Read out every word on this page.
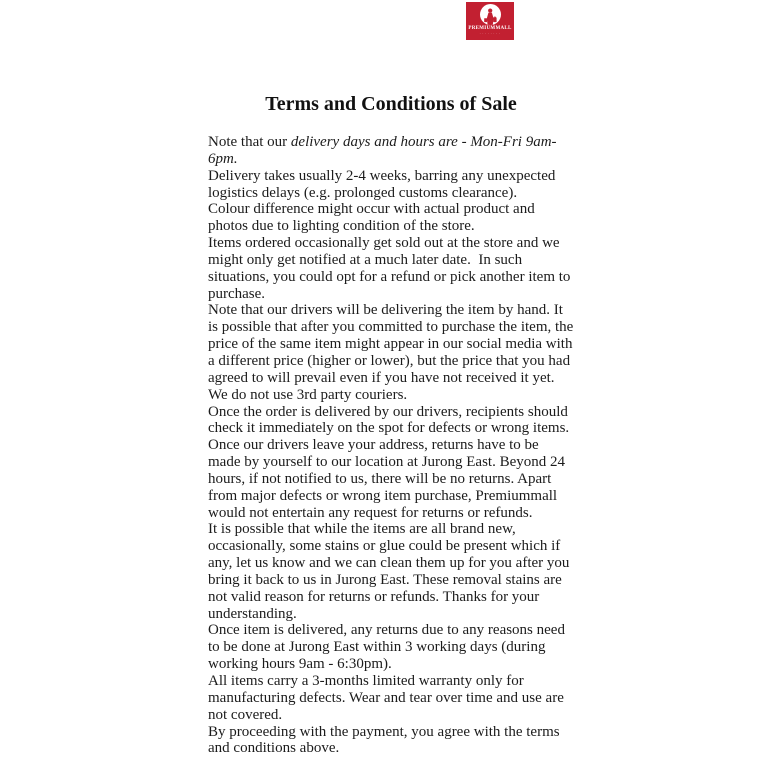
PREMIUMMALL
· · · · · · · ·
Terms and Conditions of Sale

Note that our delivery days and hours are - Mon-Fri 9am-6pm.

Delivery takes usually 2-4 weeks, barring any unexpected logistics delays (e.g. prolonged customs clearance).

Colour difference might occur with actual product and photos due to lighting condition of the store.

Items ordered occasionally get sold out at the store and we might only get notified at a much later date.  In such situations, you could opt for a refund or pick another item to purchase.

Note that our drivers will be delivering the item by hand. It is possible that after you committed to purchase the item, the price of the same item might appear in our social media with a different price (higher or lower), but the price that you had agreed to will prevail even if you have not received it yet. We do not use 3rd party couriers.

Once the order is delivered by our drivers, recipients should check it immediately on the spot for defects or wrong items.

Once our drivers leave your address, returns have to be made by yourself to our location at Jurong East. Beyond 24 hours, if not notified to us, there will be no returns. Apart from major defects or wrong item purchase, Premiummall would not entertain any request for returns or refunds.

It is possible that while the items are all brand new, occasionally, some stains or glue could be present which if any, let us know and we can clean them up for you after you bring it back to us in Jurong East. These removal stains are not valid reason for returns or refunds. Thanks for your understanding.

Once item is delivered, any returns due to any reasons need to be done at Jurong East within 3 working days (during working hours 9am - 6:30pm).

All items carry a 3-months limited warranty only for manufacturing defects. Wear and tear over time and use are not covered.

By proceeding with the payment, you agree with the terms and conditions above.
